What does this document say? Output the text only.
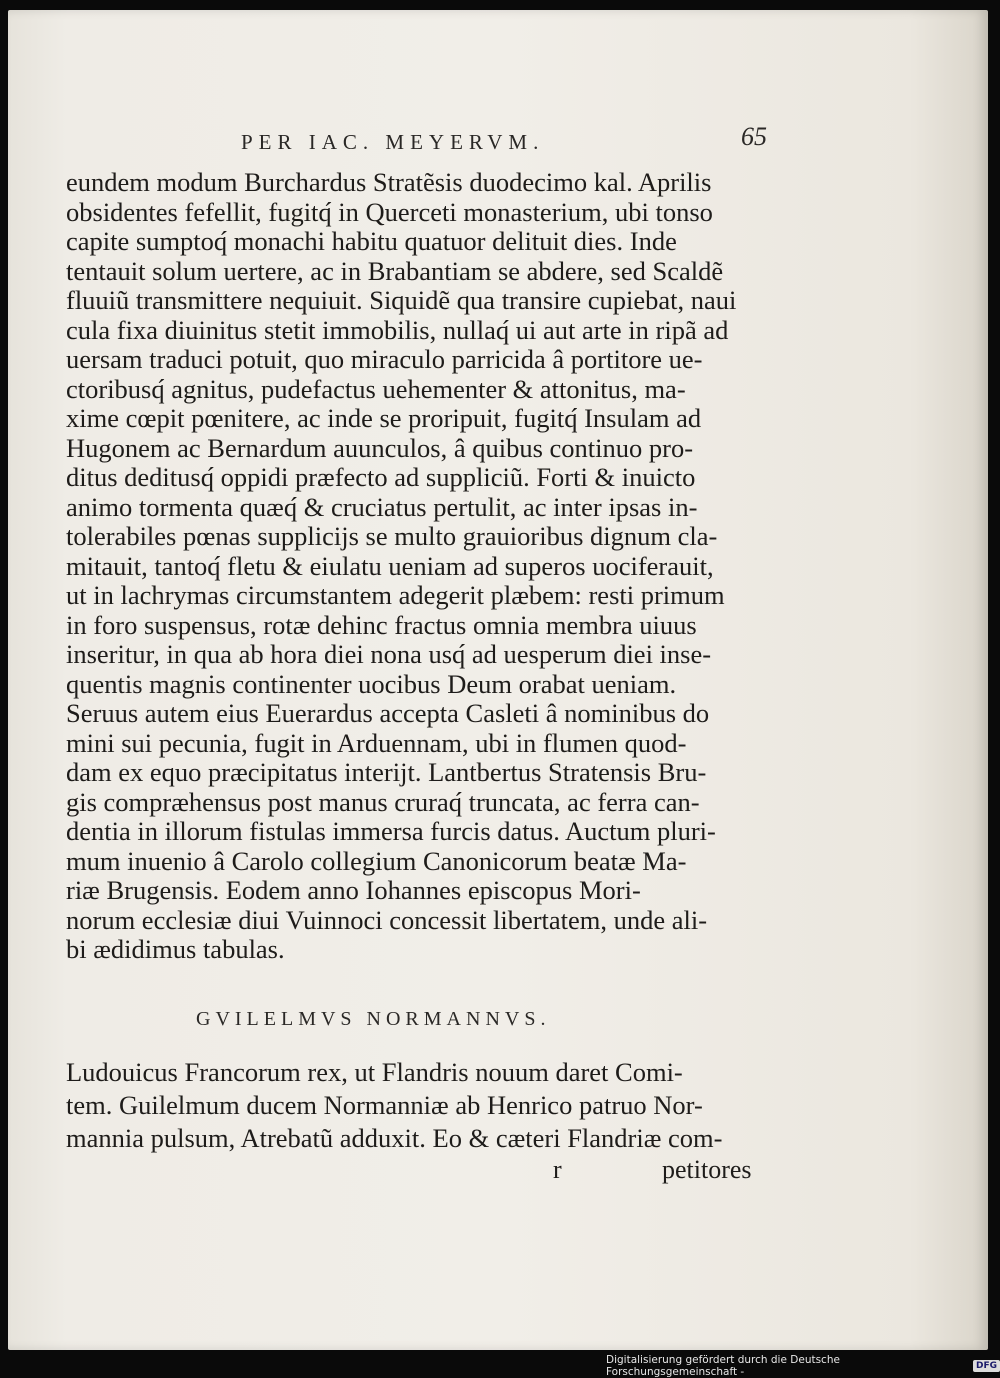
PER IAC. MEYERVM.	65
eundem modum Burchardus Stratẽsis duodecimo kal. Aprilis
obsidentes fefellit, fugitq́ in Querceti monasterium, ubi tonso
capite sumptoq́ monachi habitu quatuor delituit dies. Inde
tentauit solum uertere, ac in Brabantiam se abdere, sed Scaldẽ
fluuiũ transmittere nequiuit. Siquidẽ qua transire cupiebat, naui
cula fixa diuinitus stetit immobilis, nullaq́ ui aut arte in ripã ad
uersam traduci potuit, quo miraculo parricida â portitore ue-
ctoribusq́ agnitus, pudefactus uehementer & attonitus, ma-
xime cœpit pœnitere, ac inde se proripuit, fugitq́ Insulam ad
Hugonem ac Bernardum auunculos, â quibus continuo pro-
ditus deditusq́ oppidi præfecto ad suppliciũ. Forti & inuicto
animo tormenta quæq́ & cruciatus pertulit, ac inter ipsas in-
tolerabiles pœnas supplicijs se multo grauioribus dignum cla-
mitauit, tantoq́ fletu & eiulatu ueniam ad superos uociferauit,
ut in lachrymas circumstantem adegerit plæbem: resti primum
in foro suspensus, rotæ dehinc fractus omnia membra uiuus
inseritur, in qua ab hora diei nona usq́ ad uesperum diei inse-
quentis magnis continenter uocibus Deum orabat ueniam.
Seruus autem eius Euerardus accepta Casleti â nominibus do
mini sui pecunia, fugit in Arduennam, ubi in flumen quod-
dam ex equo præcipitatus interijt. Lantbertus Stratensis Bru-
gis compræhensus post manus cruraq́ truncata, ac ferra can-
dentia in illorum fistulas immersa furcis datus. Auctum pluri-
mum inuenio â Carolo collegium Canonicorum beatæ Ma-
riæ Brugensis. Eodem anno Iohannes episcopus Mori-
norum ecclesiæ diui Vuinnoci concessit libertatem, unde ali-
bi ædidimus tabulas.
GVILELMVS NORMANNVS.
Ludouicus Francorum rex, ut Flandris nouum daret Comi-
tem. Guilelmum ducem Normanniæ ab Henrico patruo Nor-
mannia pulsum, Atrebatũ adduxit. Eo & cæteri Flandriæ com-
r	petitores
Digitalisierung gefördert durch die Deutsche Forschungsgemeinschaft -	DFG
